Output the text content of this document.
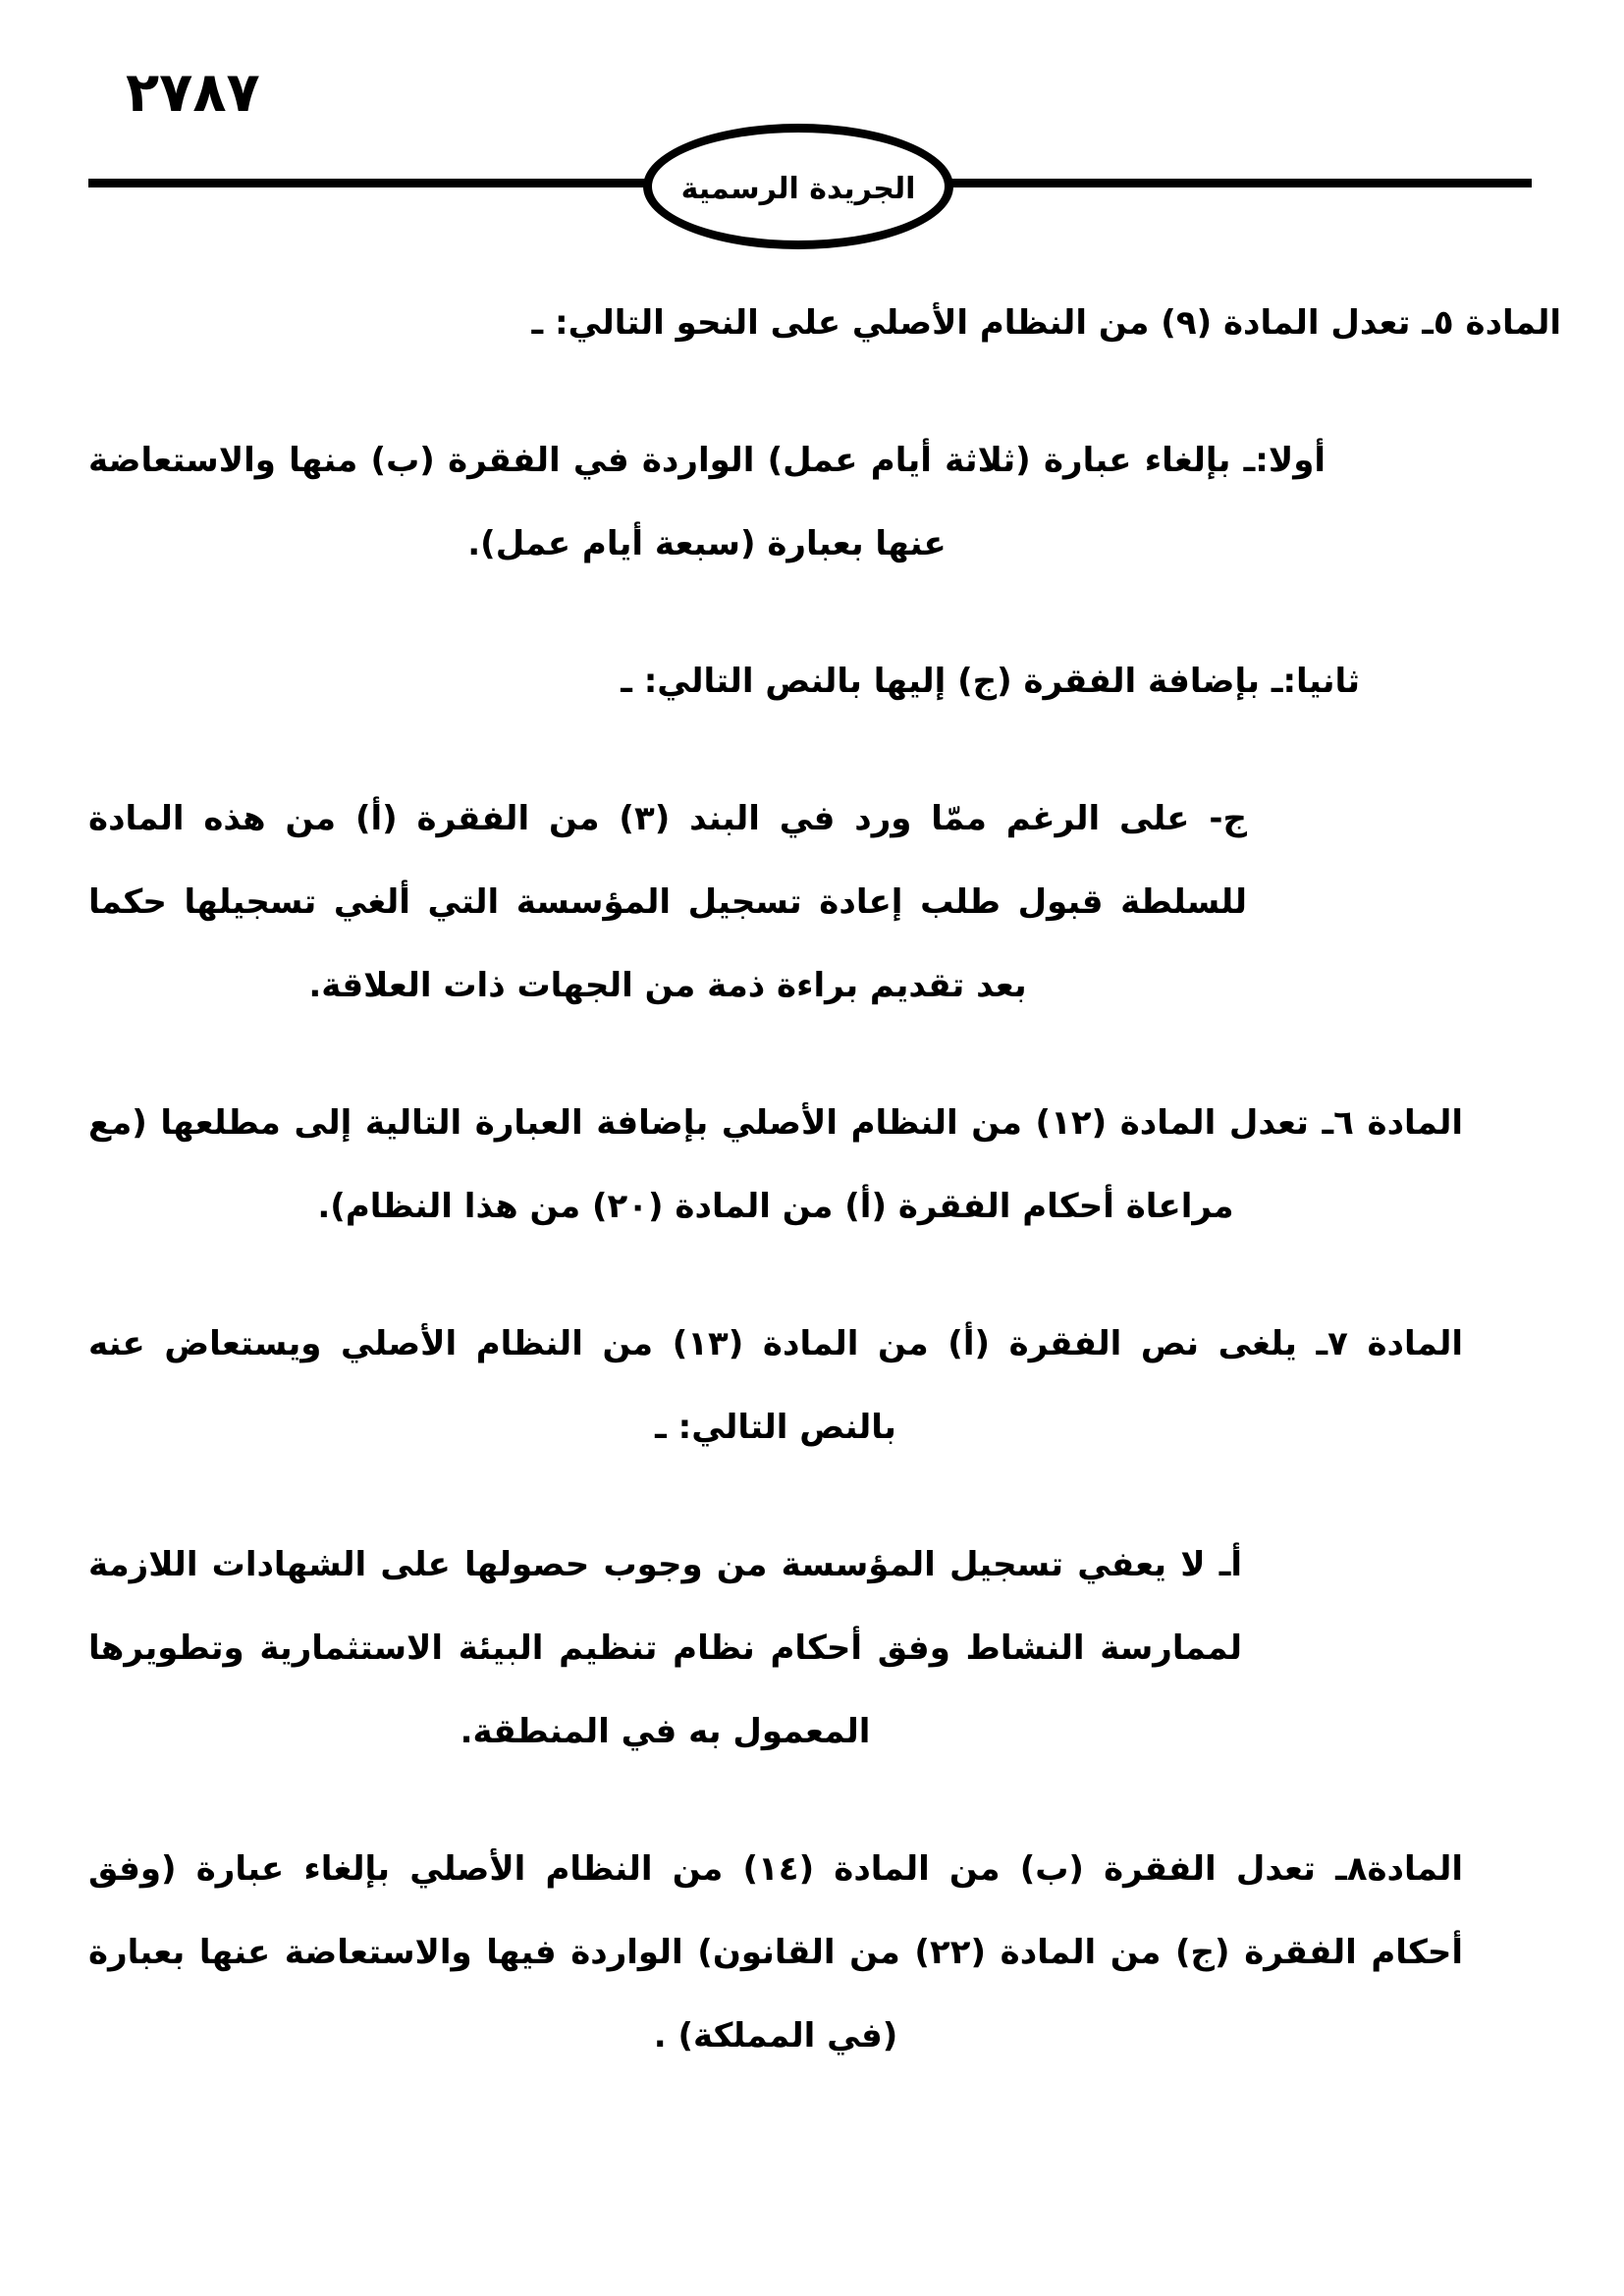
٢٧٨٧
الجريدة الرسمية

المادة ٥ـ تعدل المادة (٩) من النظام الأصلي على النحو التالي: ـ

أولا:ـ بإلغاء عبارة (ثلاثة أيام عمل) الواردة في الفقرة (ب) منها والاستعاضة عنها بعبارة (سبعة أيام عمل).

ثانيا:ـ بإضافة الفقرة (ج) إليها بالنص التالي: ـ

ج- على الرغم ممّا ورد في البند (٣) من الفقرة (أ) من هذه المادة للسلطة قبول طلب إعادة تسجيل المؤسسة التي ألغي تسجيلها حكما بعد تقديم براءة ذمة من الجهات ذات العلاقة.

المادة ٦ـ تعدل المادة (١٢) من النظام الأصلي بإضافة العبارة التالية إلى مطلعها (مع مراعاة أحكام الفقرة (أ) من المادة (٢٠) من هذا النظام).

المادة ٧ـ يلغى نص الفقرة (أ) من المادة (١٣) من النظام الأصلي ويستعاض عنه بالنص التالي: ـ

أـ لا يعفي تسجيل المؤسسة من وجوب حصولها على الشهادات اللازمة لممارسة النشاط وفق أحكام نظام تنظيم البيئة الاستثمارية وتطويرها المعمول به في المنطقة.

المادة٨ـ تعدل الفقرة (ب) من المادة (١٤) من النظام الأصلي بإلغاء عبارة (وفق أحكام الفقرة (ج) من المادة (٢٢) من القانون) الواردة فيها والاستعاضة عنها بعبارة (في المملكة) .
